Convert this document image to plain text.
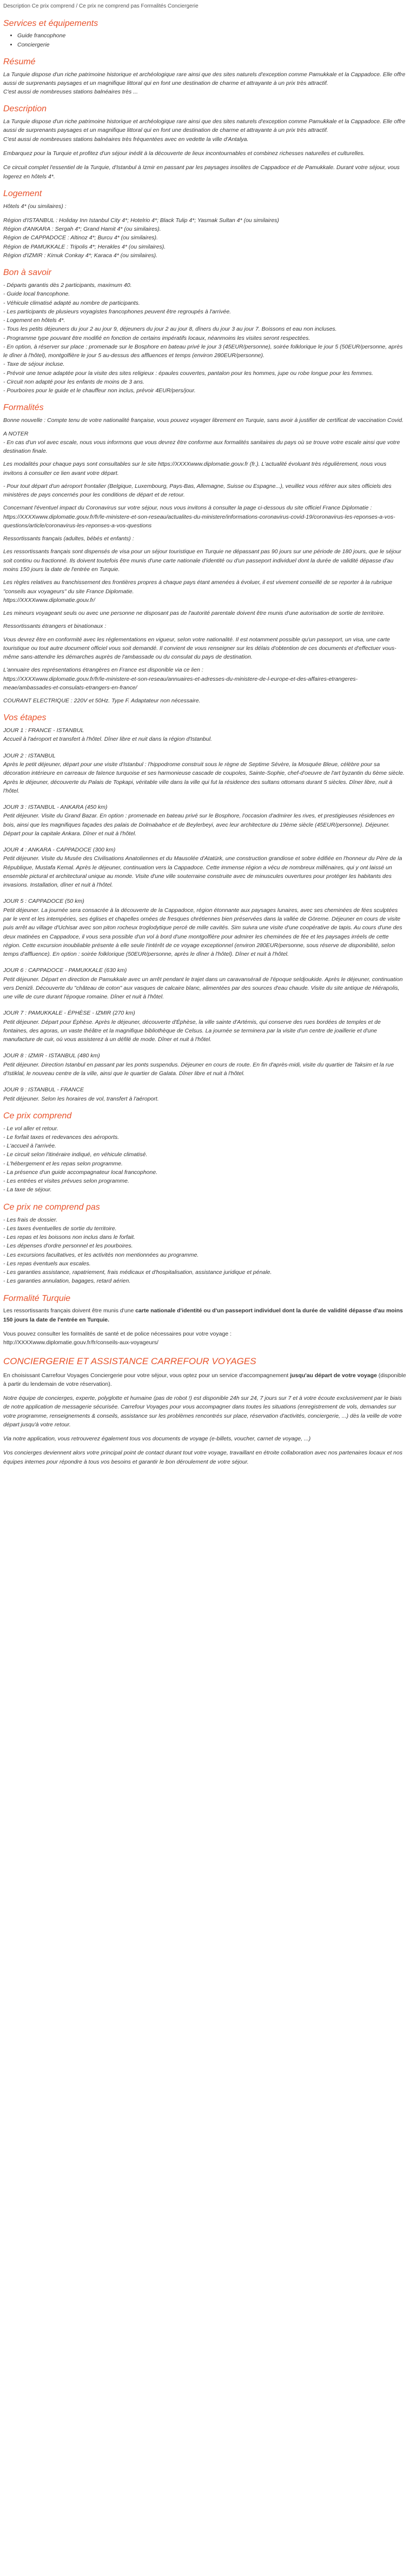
Description Ce prix comprend / Ce prix ne comprend pas Formalités Conciergerie

Services et équipements
• Guide francophone
• Conciergerie
Résumé

La Turquie dispose d'un riche patrimoine historique et archéologique rare ainsi que des sites naturels d'exception comme Pamukkale et la Cappadoce. Elle offre aussi de surprenants paysages et un magnifique littoral qui en font une destination de charme et attrayante à un prix très attractif.
C'est aussi de nombreuses stations balnéaires très ...

Description

La Turquie dispose d'un riche patrimoine historique et archéologique rare ainsi que des sites naturels d'exception comme Pamukkale et la Cappadoce. Elle offre aussi de surprenants paysages et un magnifique littoral qui en font une destination de charme et attrayante à un prix très attractif.
C'est aussi de nombreuses stations balnéaires très fréquentées avec en vedette la ville d'Antalya.

Embarquez pour la Turquie et profitez d'un séjour inédit à la découverte de lieux incontournables et combinez richesses naturelles et culturelles.

Ce circuit complet l'essentiel de la Turquie, d'Istanbul à Izmir en passant par les paysages insolites de Cappadoce et de Pamukkale. Durant votre séjour, vous logerez en hôtels 4*.

Logement

Hôtels 4* (ou similaires) :

Région d'ISTANBUL : Holiday Inn Istanbul City 4*; Hotelrio 4*; Black Tulip 4*; Yasmak Sultan 4* (ou similaires)

Région d'ANKARA : Sergah 4*; Grand Hamit 4* (ou similaires).

Région de CAPPADOCE : Altinoz 4*; Burcu 4* (ou similaires).

Région de PAMUKKALE : Tripolis 4*; Herakles 4* (ou similaires).

Région d'IZMIR : Kimuk Conkay 4*; Karaca 4* (ou similaires).

Bon à savoir

- Départs garantis dès 2 participants, maximum 40.

- Guide local francophone.

- Véhicule climatisé adapté au nombre de participants.

- Les participants de plusieurs voyagistes francophones peuvent être regroupés à l'arrivée.

- Logement en hôtels 4*.

- Tous les petits déjeuners du jour 2 au jour 9, déjeuners du jour 2 au jour 8, dîners du jour 3 au jour 7. Boissons et eau non incluses.

- Programme type pouvant être modifié en fonction de certains impératifs locaux, néanmoins les visites seront respectées.

- En option, à réserver sur place : promenade sur le Bosphore en bateau privé le jour 3 (45EUR/personne), soirée folklorique le jour 5 (50EUR/personne, après le dîner à l'hôtel), montgolfière le jour 5 au-dessus des affluences et temps (environ 280EUR/personne).

- Taxe de séjour incluse.

- Prévoir une tenue adaptée pour la visite des sites religieux : épaules couvertes, pantalon pour les hommes, jupe ou robe longue pour les femmes.

- Circuit non adapté pour les enfants de moins de 3 ans.

- Pourboires pour le guide et le chauffeur non inclus, prévoir 4EUR/pers/jour.

Formalités

Bonne nouvelle : Compte tenu de votre nationalité française, vous pouvez voyager librement en Turquie, sans avoir à justifier de certificat de vaccination Covid.

A NOTER
- En cas d'un vol avec escale, nous vous informons que vous devrez être conforme aux formalités sanitaires du pays où se trouve votre escale ainsi que votre destination finale.

Les modalités pour chaque pays sont consultables sur le site https://XXXXwww.diplomatie.gouv.fr (fr.). L'actualité évoluant très régulièrement, nous vous invitons à consulter ce lien avant votre départ.

- Pour tout départ d'un aéroport frontalier (Belgique, Luxembourg, Pays-Bas, Allemagne, Suisse ou Espagne...), veuillez vous référer aux sites officiels des ministères de pays concernés pour les conditions de départ et de retour.

Concernant l'éventuel impact du Coronavirus sur votre séjour, nous vous invitons à consulter la page ci-dessous du site officiel France Diplomatie :
https://XXXXwww.diplomatie.gouv.fr/fr/le-ministere-et-son-reseau/actualites-du-ministere/informations-coronavirus-covid-19/coronavirus-les-reponses-a-vos-questions/article/coronavirus-les-reponses-a-vos-questions

Ressortissants français (adultes, bébés et enfants) :

Les ressortissants français sont dispensés de visa pour un séjour touristique en Turquie ne dépassant pas 90 jours sur une période de 180 jours, que le séjour soit continu ou fractionné. Ils doivent toutefois être munis d'une carte nationale d'identité ou d'un passeport individuel dont la durée de validité dépasse d'au moins 150 jours la date de l'entrée en Turquie.

Les règles relatives au franchissement des frontières propres à chaque pays étant amenées à évoluer, il est vivement conseillé de se reporter à la rubrique "conseils aux voyageurs" du site France Diplomatie.
https://XXXXwww.diplomatie.gouv.fr/

Les mineurs voyageant seuls ou avec une personne ne disposant pas de l'autorité parentale doivent être munis d'une autorisation de sortie de territoire.

Ressortissants étrangers et binationaux :

Vous devrez être en conformité avec les réglementations en vigueur, selon votre nationalité. Il est notamment possible qu'un passeport, un visa, une carte touristique ou tout autre document officiel vous soit demandé. Il convient de vous renseigner sur les délais d'obtention de ces documents et d'effectuer vous-même sans-attendre les démarches auprès de l'ambassade ou du consulat du pays de destination.

L'annuaire des représentations étrangères en France est disponible via ce lien :
https://XXXXwww.diplomatie.gouv.fr/fr/le-ministere-et-son-reseau/annuaires-et-adresses-du-ministere-de-l-europe-et-des-affaires-etrangeres-meae/ambassades-et-consulats-etrangers-en-france/

COURANT ELECTRIQUE : 220V et 50Hz. Type F. Adaptateur non nécessaire.

Vos étapes

JOUR 1 : FRANCE - ISTANBUL

Accueil à l'aéroport et transfert à l'hôtel. Dîner libre et nuit dans la région d'Istanbul.

JOUR 2 : ISTANBUL

Après le petit déjeuner, départ pour une visite d'Istanbul : l'hippodrome construit sous le règne de Septime Sévère, la Mosquée Bleue, célèbre pour sa décoration intérieure en carreaux de faïence turquoise et ses harmonieuse cascade de coupoles, Sainte-Sophie, chef-d'oeuvre de l'art byzantin du 6ème siècle. Après le déjeuner, découverte du Palais de Topkapi, véritable ville dans la ville qui fut la résidence des sultans ottomans durant 5 siècles. Dîner libre, nuit à l'hôtel.

JOUR 3 : ISTANBUL - ANKARA (450 km)

Petit déjeuner. Visite du Grand Bazar. En option : promenade en bateau privé sur le Bosphore, l'occasion d'admirer les rives, et prestigieuses résidences en bois, ainsi que les magnifiques façades des palais de Dolmabahce et de Beylerbeyi, avec leur architecture du 19ème siècle (45EUR/personne). Déjeuner. Départ pour la capitale Ankara. Dîner et nuit à l'hôtel.

JOUR 4 : ANKARA - CAPPADOCE (300 km)

Petit déjeuner. Visite du Musée des Civilisations Anatoliennes et du Mausolée d'Atatürk, une construction grandiose et sobre édifiée en l'honneur du Père de la République, Mustafa Kemal. Après le déjeuner, continuation vers la Cappadoce. Cette immense région a vécu de nombreux millénaires, qui y ont laissé un ensemble pictural et architectural unique au monde. Visite d'une ville souterraine construite avec de minuscules ouvertures pour protéger les habitants des invasions. Installation, dîner et nuit à l'hôtel.

JOUR 5 : CAPPADOCE (50 km)

Petit déjeuner. La journée sera consacrée à la découverte de la Cappadoce, région étonnante aux paysages lunaires, avec ses cheminées de fées sculptées par le vent et les intempéries, ses églises et chapelles ornées de fresques chrétiennes bien préservées dans la vallée de Göreme. Déjeuner en cours de visite puis arrêt au village d'Uchisar avec son piton rocheux troglodytique percé de mille cavités. Sim suivra une visite d'une coopérative de tapis. Au cours d'une des deux matinées en Cappadoce, il vous sera possible d'un vol à bord d'une montgolfière pour admirer les cheminées de fée et les paysages irréels de cette région. Cette excursion inoubliable présente à elle seule l'intérêt de ce voyage exceptionnel (environ 280EUR/personne, sous réserve de disponibilité, selon temps d'affluence). En option : soirée folklorique (50EUR/personne, après le dîner à l'hôtel). Dîner et nuit à l'hôtel.

JOUR 6 : CAPPADOCE - PAMUKKALE (630 km)

Petit déjeuner. Départ en direction de Pamukkale avec un arrêt pendant le trajet dans un caravansérail de l'époque seldjoukide. Après le déjeuner, continuation vers Denizli. Découverte du "château de coton" aux vasques de calcaire blanc, alimentées par des sources d'eau chaude. Visite du site antique de Hiérapolis, une ville de cure durant l'époque romaine. Dîner et nuit à l'hôtel.

JOUR 7 : PAMUKKALE - ÉPHÈSE - IZMIR (270 km)

Petit déjeuner. Départ pour Éphèse. Après le déjeuner, découverte d'Éphèse, la ville sainte d'Artémis, qui conserve des rues bordées de temples et de fontaines, des agoras, un vaste théâtre et la magnifique bibliothèque de Celsus. La journée se terminera par la visite d'un centre de joaillerie et d'une manufacture de cuir, où vous assisterez à un défilé de mode. Dîner et nuit à l'hôtel.

JOUR 8 : IZMIR - ISTANBUL (480 km)

Petit déjeuner. Direction Istanbul en passant par les ponts suspendus. Déjeuner en cours de route. En fin d'après-midi, visite du quartier de Taksim et la rue d'Istiklal, le nouveau centre de la ville, ainsi que le quartier de Galata. Dîner libre et nuit à l'hôtel.

JOUR 9 : ISTANBUL - FRANCE

Petit déjeuner. Selon les horaires de vol, transfert à l'aéroport.

Ce prix comprend

- Le vol aller et retour.

- Le forfait taxes et redevances des aéroports.

- L'accueil à l'arrivée.

- Le circuit selon l'itinéraire indiqué, en véhicule climatisé.

- L'hébergement et les repas selon programme.

- La présence d'un guide accompagnateur local francophone.

- Les entrées et visites prévues selon programme.

- La taxe de séjour.

Ce prix ne comprend pas

- Les frais de dossier.

- Les taxes éventuelles de sortie du territoire.

- Les repas et les boissons non inclus dans le forfait.

- Les dépenses d'ordre personnel et les pourboires.

- Les excursions facultatives, et les activités non mentionnées au programme.

- Les repas éventuels aux escales.

- Les garanties assistance, rapatriement, frais médicaux et d'hospitalisation, assistance juridique et pénale.

- Les garanties annulation, bagages, retard aérien.

Formalité Turquie

Les ressortissants français doivent être munis d'une carte nationale d'identité ou d'un passeport individuel dont la durée de validité dépasse d'au moins 150 jours la date de l'entrée en Turquie.

Vous pouvez consulter les formalités de santé et de police nécessaires pour votre voyage :
http://XXXXwww.diplomatie.gouv.fr/fr/conseils-aux-voyageurs/

CONCIERGERIE ET ASSISTANCE CARREFOUR VOYAGES

En choisissant Carrefour Voyages Conciergerie pour votre séjour, vous optez pour un service d'accompagnement jusqu'au départ de votre voyage (disponible à partir du lendemain de votre réservation).

Notre équipe de concierges, experte, polyglotte et humaine (pas de robot !) est disponible 24h sur 24, 7 jours sur 7 et à votre écoute exclusivement par le biais de notre application de messagerie sécurisée. Carrefour Voyages pour vous accompagner dans toutes les situations (enregistrement de vols, demandes sur votre programme, renseignements & conseils, assistance sur les problèmes rencontrés sur place, réservation d'activités, conciergerie, ...) dès la veille de votre départ jusqu'à votre retour.

Via notre application, vous retrouverez également tous vos documents de voyage (e-billets, voucher, carnet de voyage, ...)

Vos concierges deviennent alors votre principal point de contact durant tout votre voyage, travaillant en étroite collaboration avec nos partenaires locaux et nos équipes internes pour répondre à tous vos besoins et garantir le bon déroulement de votre séjour.
